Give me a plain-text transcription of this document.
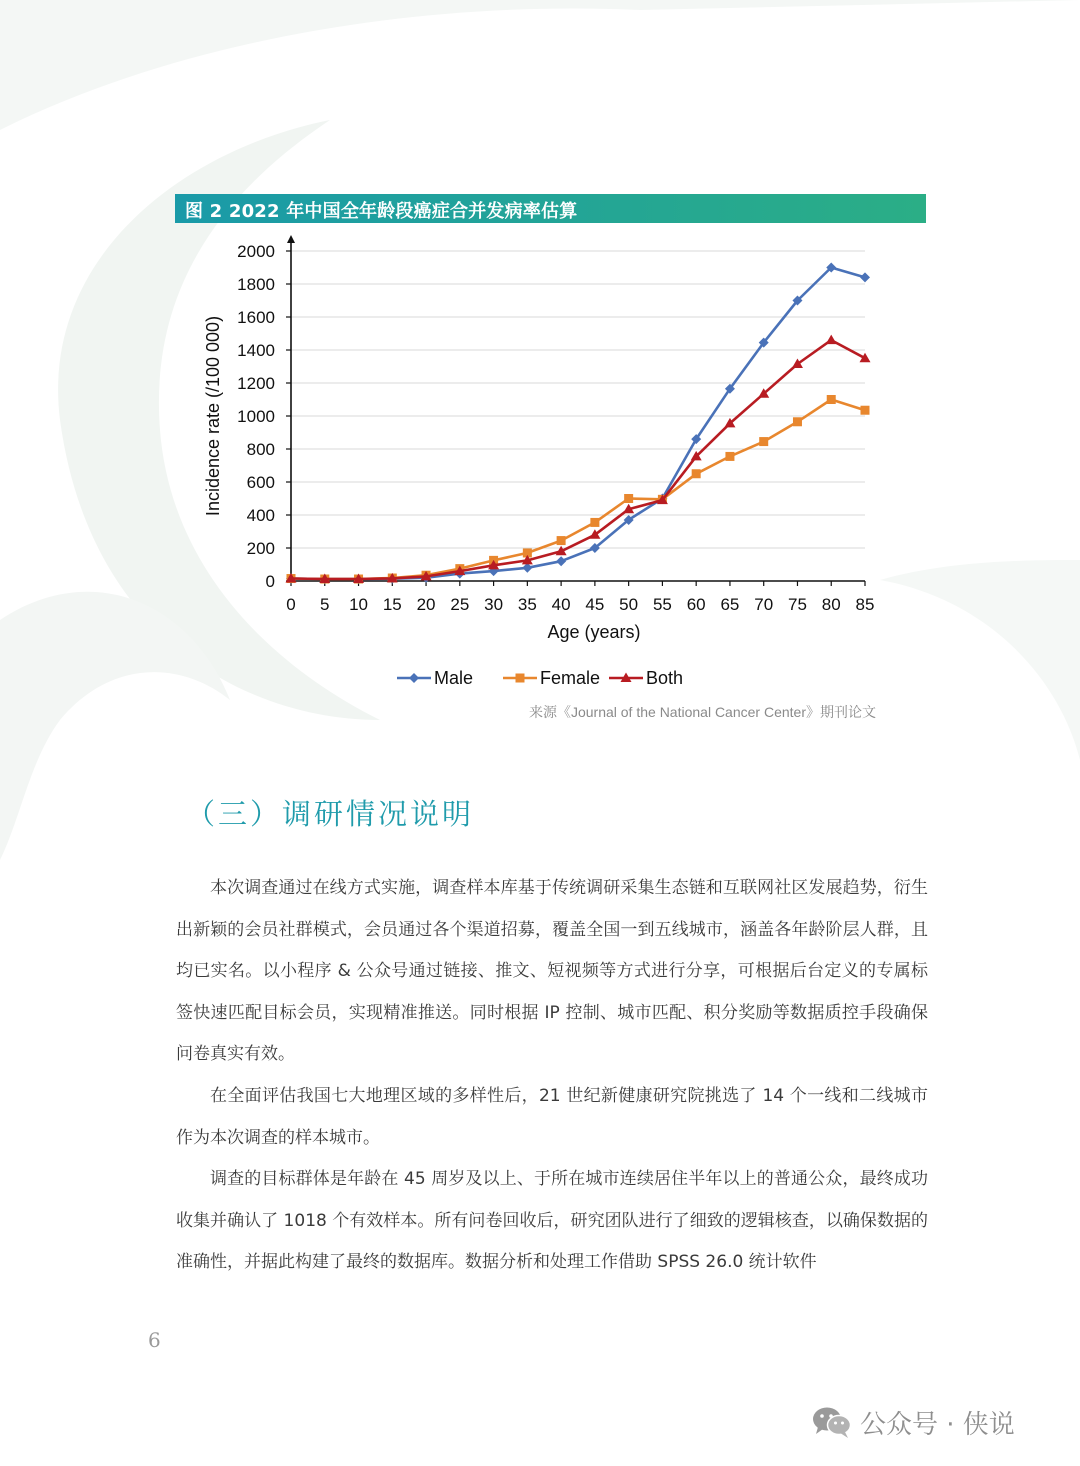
图 2 2022 年中国全年龄段癌症合并发病率估算
0
200
400
600
800
1000
1200
1400
1600
1800
2000
0 5 10 15 20 25 30 35 40 45 50 55 60 65 70 75 80 85
Age (years)
Incidence rate (/100 000)
Male	Female	Both
来源《Journal of the National Cancer Center》期刊论文
（三）调研情况说明

本次调查通过在线方式实施，调查样本库基于传统调研采集生态链和互联网社区发展趋势，衍生出新颖的会员社群模式，会员通过各个渠道招募，覆盖全国一到五线城市，涵盖各年龄阶层人群，且均已实名。以小程序 & 公众号通过链接、推文、短视频等方式进行分享，可根据后台定义的专属标签快速匹配目标会员，实现精准推送。同时根据 IP 控制、城市匹配、积分奖励等数据质控手段确保问卷真实有效。

在全面评估我国七大地理区域的多样性后，21 世纪新健康研究院挑选了 14 个一线和二线城市作为本次调查的样本城市。

调查的目标群体是年龄在 45 周岁及以上、于所在城市连续居住半年以上的普通公众，最终成功收集并确认了 1018 个有效样本。所有问卷回收后，研究团队进行了细致的逻辑核查，以确保数据的准确性，并据此构建了最终的数据库。数据分析和处理工作借助 SPSS 26.0 统计软件

6
公众号 · 侠说
